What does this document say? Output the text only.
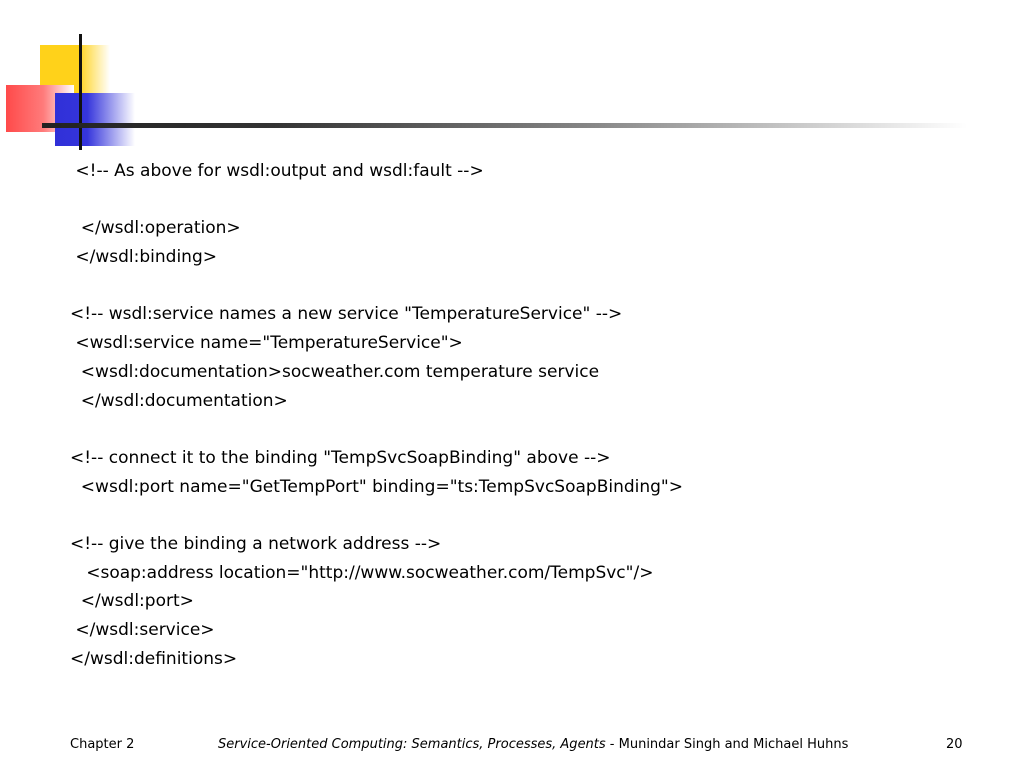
<!-- As above for wsdl:output and wsdl:fault -->
</wsdl:operation>
</wsdl:binding>
<!-- wsdl:service names a new service "TemperatureService" -->
<wsdl:service name="TemperatureService">
<wsdl:documentation>socweather.com temperature service
</wsdl:documentation>
<!-- connect it to the binding "TempSvcSoapBinding" above -->
<wsdl:port name="GetTempPort" binding="ts:TempSvcSoapBinding">
<!-- give the binding a network address -->
<soap:address location="http://www.socweather.com/TempSvc"/>
</wsdl:port>
</wsdl:service>
</wsdl:definitions>
Chapter 2	Service-Oriented Computing: Semantics, Processes, Agents - Munindar Singh and Michael Huhns	20
